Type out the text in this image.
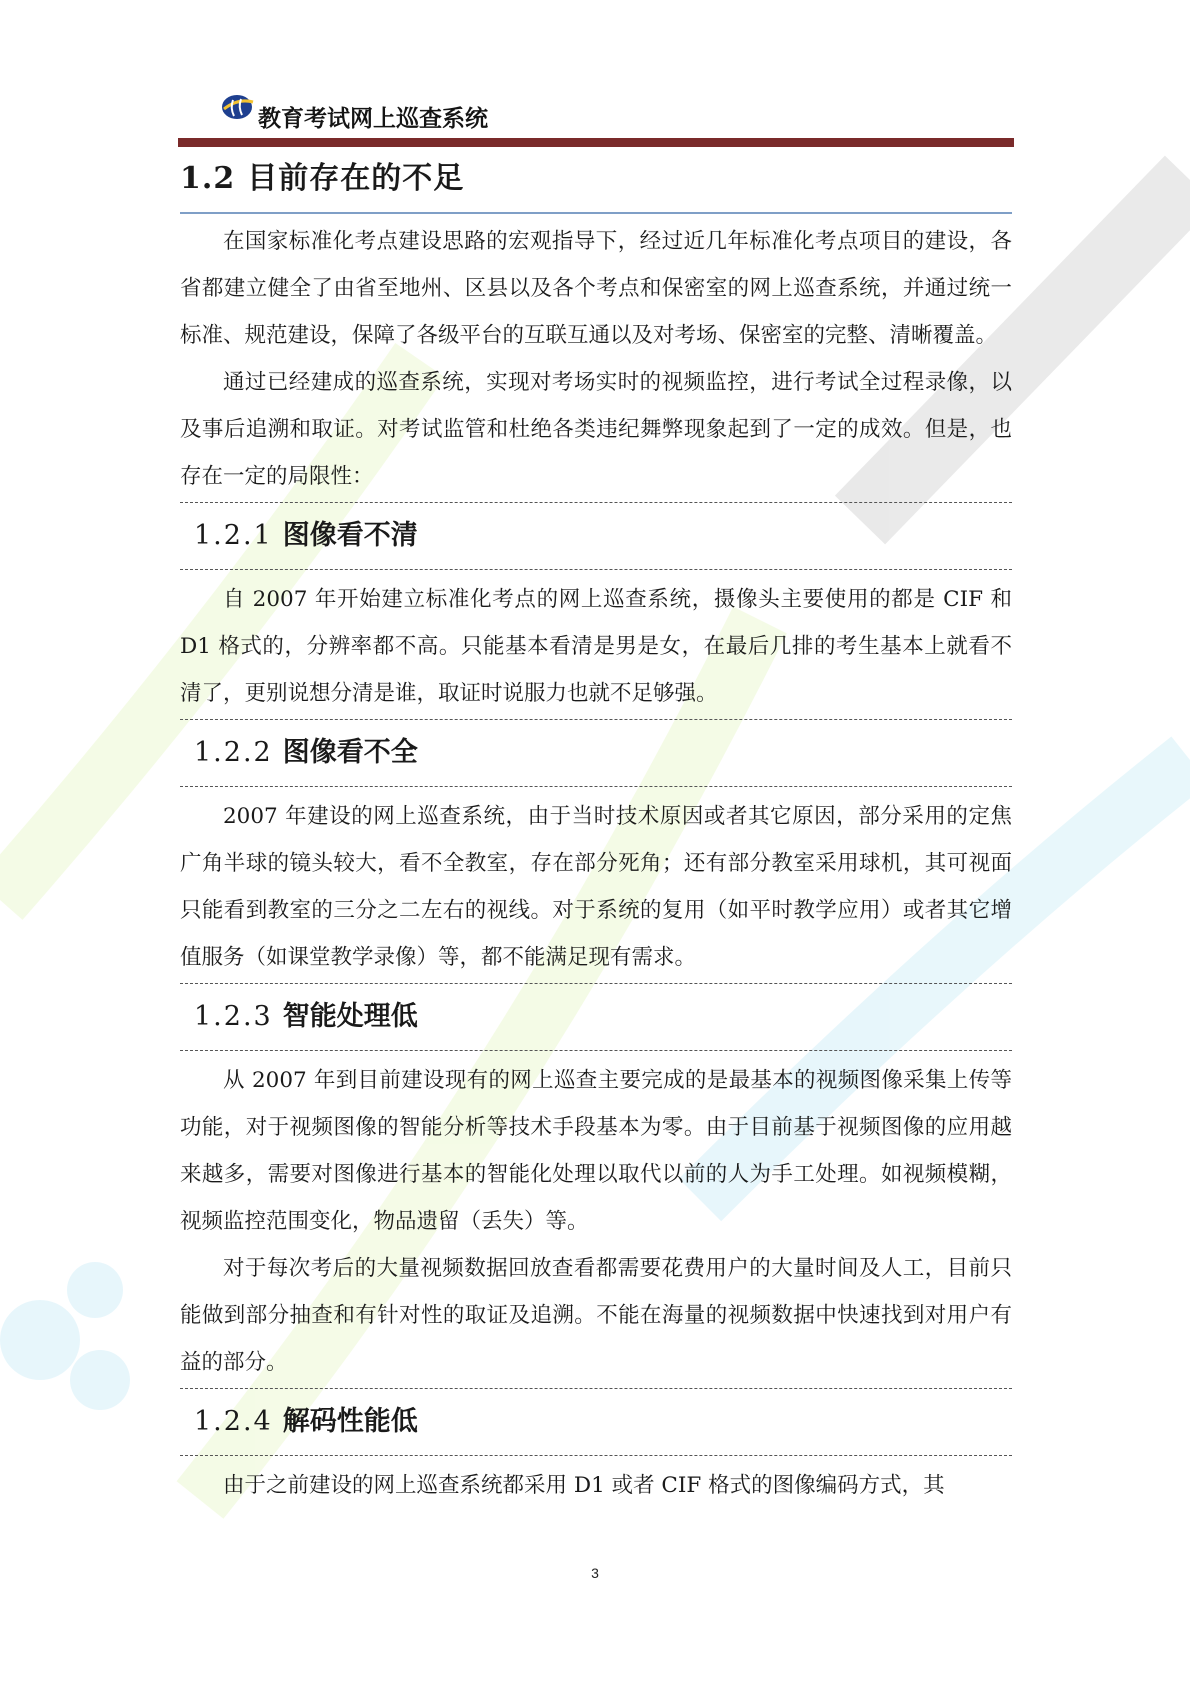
教育考试网上巡查系统
1.2 目前存在的不足

在国家标准化考点建设思路的宏观指导下，经过近几年标准化考点项目的建设，各省都建立健全了由省至地州、区县以及各个考点和保密室的网上巡查系统，并通过统一标准、规范建设，保障了各级平台的互联互通以及对考场、保密室的完整、清晰覆盖。

通过已经建成的巡查系统，实现对考场实时的视频监控，进行考试全过程录像，以及事后追溯和取证。对考试监管和杜绝各类违纪舞弊现象起到了一定的成效。但是，也存在一定的局限性：

1.2.1 图像看不清

自 2007 年开始建立标准化考点的网上巡查系统，摄像头主要使用的都是 CIF 和 D1 格式的，分辨率都不高。只能基本看清是男是女，在最后几排的考生基本上就看不清了，更别说想分清是谁，取证时说服力也就不足够强。

1.2.2 图像看不全

2007 年建设的网上巡查系统，由于当时技术原因或者其它原因，部分采用的定焦广角半球的镜头较大，看不全教室，存在部分死角；还有部分教室采用球机，其可视面只能看到教室的三分之二左右的视线。对于系统的复用（如平时教学应用）或者其它增值服务（如课堂教学录像）等，都不能满足现有需求。

1.2.3 智能处理低

从 2007 年到目前建设现有的网上巡查主要完成的是最基本的视频图像采集上传等功能，对于视频图像的智能分析等技术手段基本为零。由于目前基于视频图像的应用越来越多，需要对图像进行基本的智能化处理以取代以前的人为手工处理。如视频模糊，视频监控范围变化，物品遗留（丢失）等。

对于每次考后的大量视频数据回放查看都需要花费用户的大量时间及人工，目前只能做到部分抽查和有针对性的取证及追溯。不能在海量的视频数据中快速找到对用户有益的部分。

1.2.4 解码性能低

由于之前建设的网上巡查系统都采用 D1 或者 CIF 格式的图像编码方式，其

3
